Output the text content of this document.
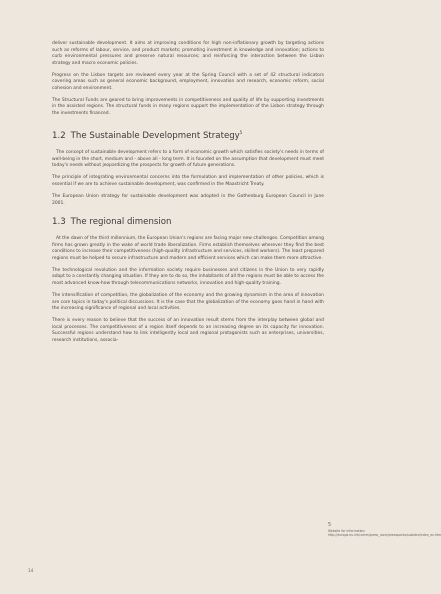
deliver sustainable development. It aims at improving conditions for high non-inflationary growth by targeting actions such as reforms of labour, service, and product markets; promoting investment in knowledge and innovation; actions to curb environmental pressures and preserve natural resources; and reinforcing the interaction between the Lisbon strategy and macro economic policies.

Progress on the Lisbon targets are reviewed every year at the Spring Council with a set of 42 structural indicators covering areas such as general economic background, employment, innovation and research, economic reform, social cohesion and environment.

The Structural Funds are geared to bring improvements in competitiveness and quality of life by supporting investments in the assisted regions. The structural funds in many regions support the implementation of the Lisbon strategy through the investments financed.

1.2 The Sustainable Development Strategy$^5$

The concept of sustainable development refers to a form of economic growth which satisfies society's needs in terms of well-being in the short, medium and - above all - long term. It is founded on the assumption that development must meet today's needs without jeopardizing the prospects for growth of future generations.

The principle of integrating environmental concerns into the formulation and implementation of other policies, which is essential if we are to achieve sustainable development, was confirmed in the Maastricht Treaty.

The European Union strategy for sustainable development was adopted in the Gothenburg European Council in June 2001.

1.3 The regional dimension

At the dawn of the third millennium, the European Union's regions are facing major new challenges. Competition among firms has grown greatly in the wake of world trade liberalization. Firms establish themselves wherever they find the best conditions to increase their competitiveness (high-quality infrastructure and services, skilled workers). The least prepared regions must be helped to secure infrastructure and modern and efficient services which can make them more attractive.

The technological revolution and the information society require businesses and citizens in the Union to very rapidly adapt to a constantly changing situation. If they are to do so, the inhabitants of all the regions must be able to access the most advanced know-how through telecommunications networks, innovation and high-quality training.

The intensification of competition, the globalization of the economy and the growing dynamism in the area of innovation are core topics in today's political discussions. It is the case that the globalization of the economy goes hand in hand with the increasing significance of regional and local activities.

There is every reason to believe that the success of an innovation result stems from the interplay between global and local processes. The competitiveness of a region itself depends to an increasing degree on its capacity for innovation. Successful regions understand how to link intelligently local and regional protagonists such as enterprises, universities, research institutions, associa-

5
Website for information:
http://europa.eu.int/comm/press_room/presspacks/sustdev/index_en.htm
14
